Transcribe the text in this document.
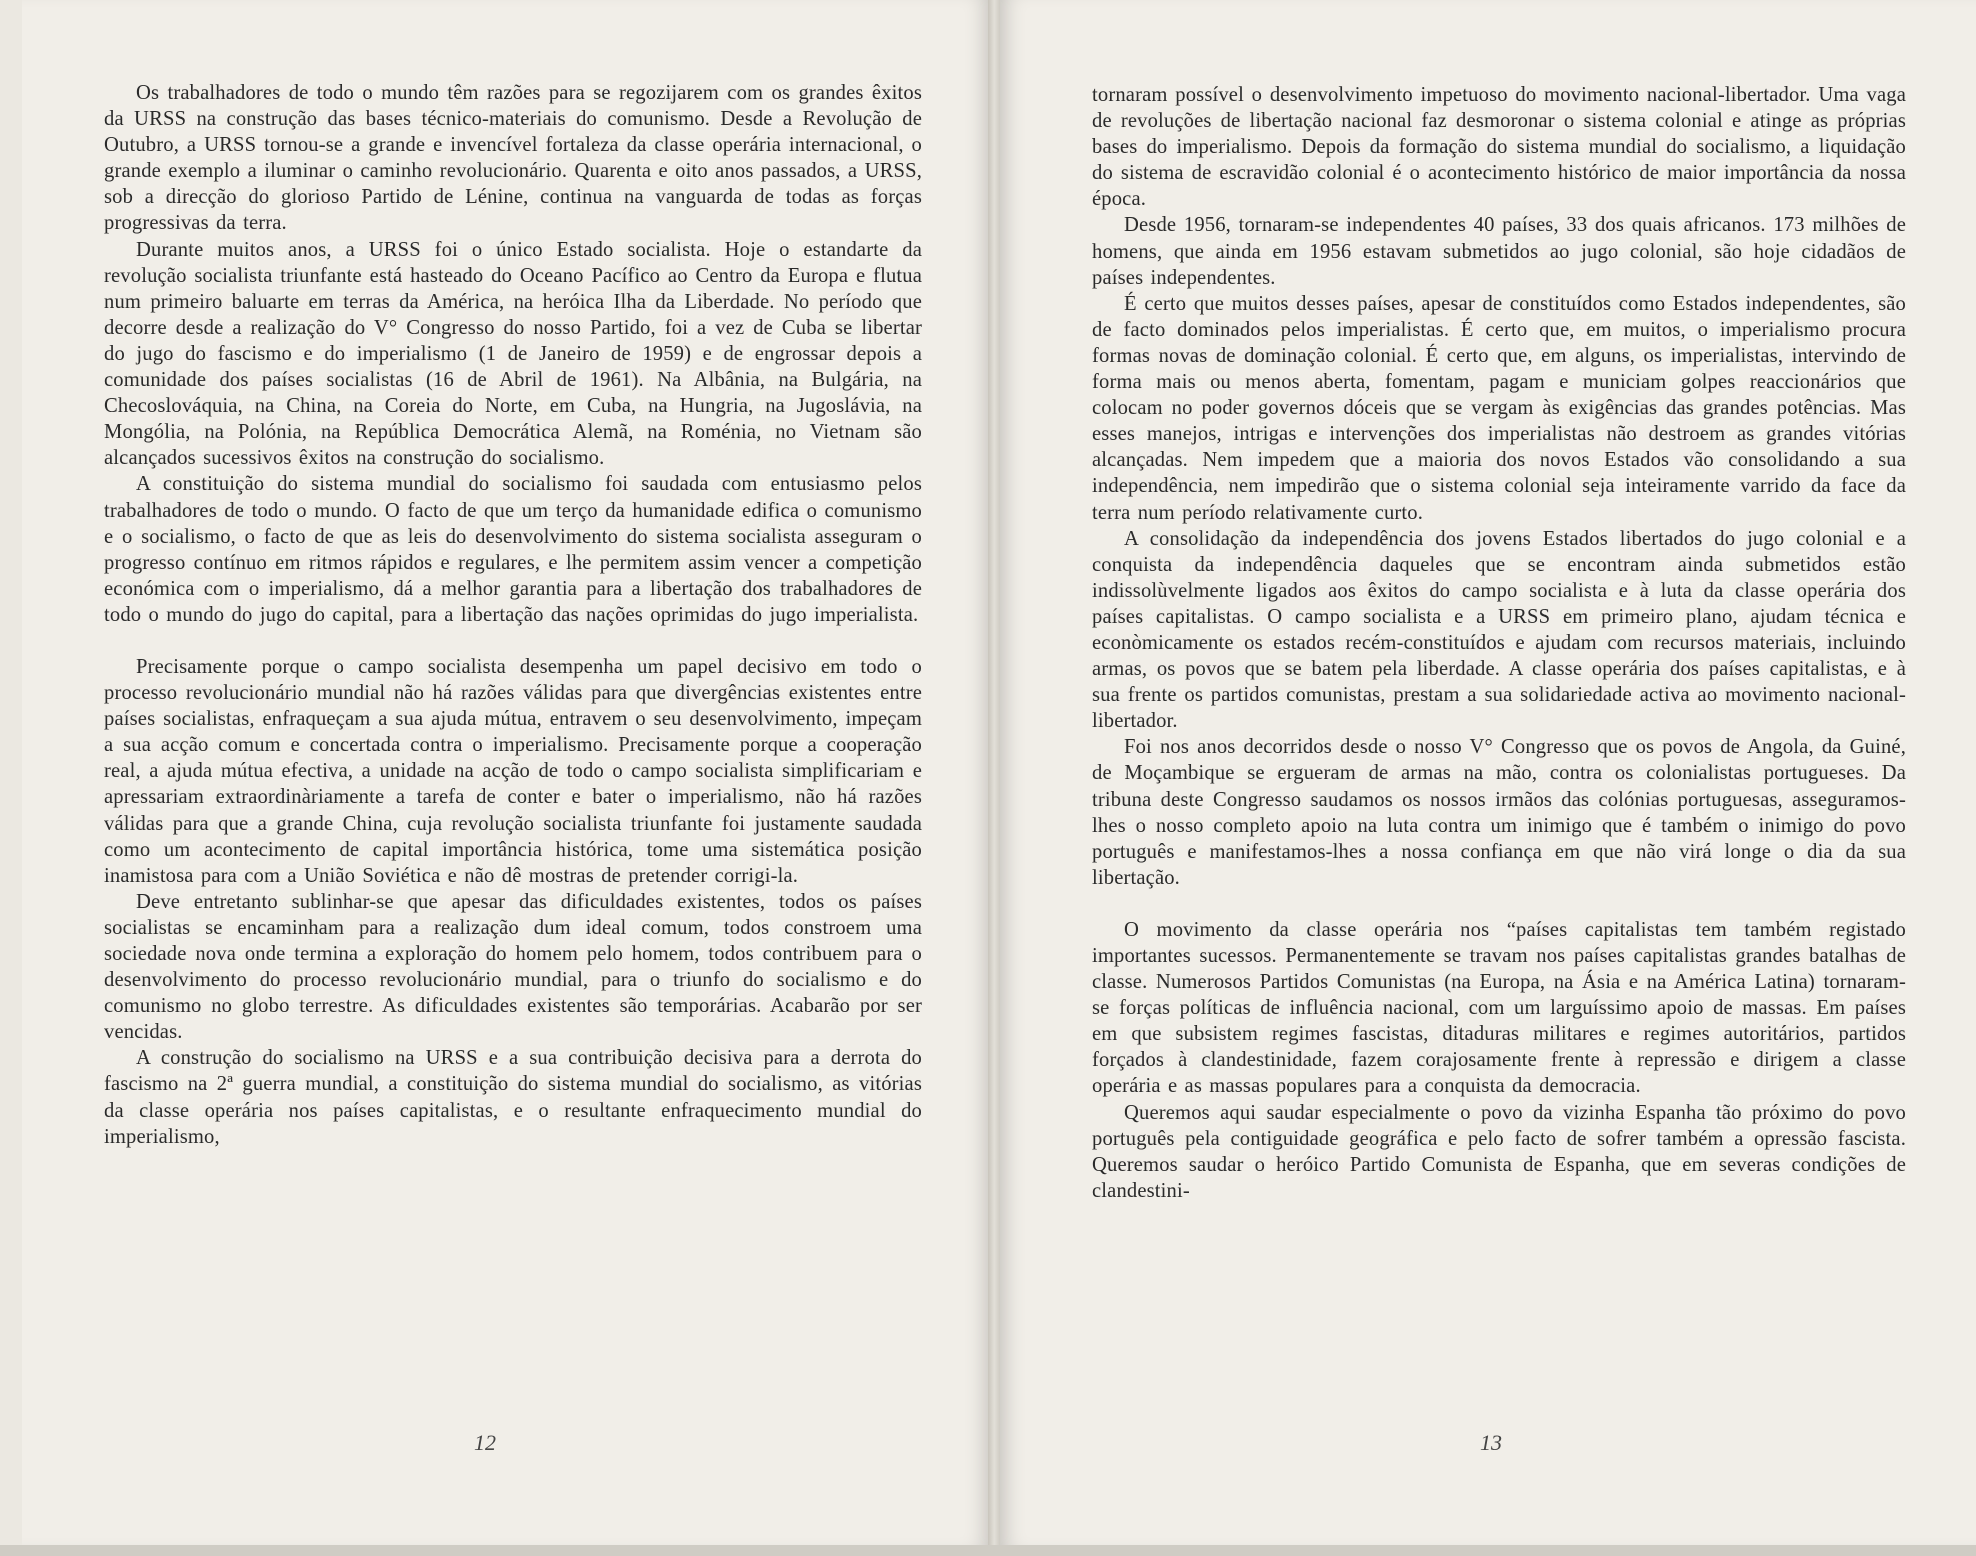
Os trabalhadores de todo o mundo têm razões para se regozijarem com os grandes êxitos da URSS na construção das bases técnico-materiais do comunismo. Desde a Revolução de Outubro, a URSS tornou-se a grande e invencível fortaleza da classe operária internacional, o grande exemplo a iluminar o caminho revolucionário. Quarenta e oito anos passados, a URSS, sob a direcção do glorioso Partido de Lénine, continua na vanguarda de todas as forças progressivas da terra.

Durante muitos anos, a URSS foi o único Estado socialista. Hoje o estandarte da revolução socialista triunfante está hasteado do Oceano Pacífico ao Centro da Europa e flutua num primeiro baluarte em terras da América, na heróica Ilha da Liberdade. No período que decorre desde a realização do V° Congresso do nosso Partido, foi a vez de Cuba se libertar do jugo do fascismo e do imperialismo (1 de Janeiro de 1959) e de engrossar depois a comunidade dos países socialistas (16 de Abril de 1961). Na Albânia, na Bulgária, na Checoslováquia, na China, na Coreia do Norte, em Cuba, na Hungria, na Jugoslávia, na Mongólia, na Polónia, na República Democrática Alemã, na Roménia, no Vietnam são alcançados sucessivos êxitos na construção do socialismo.

A constituição do sistema mundial do socialismo foi saudada com entusiasmo pelos trabalhadores de todo o mundo. O facto de que um terço da humanidade edifica o comunismo e o socialismo, o facto de que as leis do desenvolvimento do sistema socialista asseguram o progresso contínuo em ritmos rápidos e regulares, e lhe permitem assim vencer a competição económica com o imperialismo, dá a melhor garantia para a libertação dos trabalhadores de todo o mundo do jugo do capital, para a libertação das nações oprimidas do jugo imperialista.

Precisamente porque o campo socialista desempenha um papel decisivo em todo o processo revolucionário mundial não há razões válidas para que divergências existentes entre países socialistas, enfraqueçam a sua ajuda mútua, entravem o seu desenvolvimento, impeçam a sua acção comum e concertada contra o imperialismo. Precisamente porque a cooperação real, a ajuda mútua efectiva, a unidade na acção de todo o campo socialista simplificariam e apressariam extraordinàriamente a tarefa de conter e bater o imperialismo, não há razões válidas para que a grande China, cuja revolução socialista triunfante foi justamente saudada como um acontecimento de capital importância histórica, tome uma sistemática posição inamistosa para com a União Soviética e não dê mostras de pretender corrigi-la.

Deve entretanto sublinhar-se que apesar das dificuldades existentes, todos os países socialistas se encaminham para a realização dum ideal comum, todos constroem uma sociedade nova onde termina a exploração do homem pelo homem, todos contribuem para o desenvolvimento do processo revolucionário mundial, para o triunfo do socialismo e do comunismo no globo terrestre. As dificuldades existentes são temporárias. Acabarão por ser vencidas.

A construção do socialismo na URSS e a sua contribuição decisiva para a derrota do fascismo na 2ª guerra mundial, a constituição do sistema mundial do socialismo, as vitórias da classe operária nos países capitalistas, e o resultante enfraquecimento mundial do imperialismo,

12

tornaram possível o desenvolvimento impetuoso do movimento nacional-libertador. Uma vaga de revoluções de libertação nacional faz desmoronar o sistema colonial e atinge as próprias bases do imperialismo. Depois da formação do sistema mundial do socialismo, a liquidação do sistema de escravidão colonial é o acontecimento histórico de maior importância da nossa época.

Desde 1956, tornaram-se independentes 40 países, 33 dos quais africanos. 173 milhões de homens, que ainda em 1956 estavam submetidos ao jugo colonial, são hoje cidadãos de países independentes.

É certo que muitos desses países, apesar de constituídos como Estados independentes, são de facto dominados pelos imperialistas. É certo que, em muitos, o imperialismo procura formas novas de dominação colonial. É certo que, em alguns, os imperialistas, intervindo de forma mais ou menos aberta, fomentam, pagam e municiam golpes reaccionários que colocam no poder governos dóceis que se vergam às exigências das grandes potências. Mas esses manejos, intrigas e intervenções dos imperialistas não destroem as grandes vitórias alcançadas. Nem impedem que a maioria dos novos Estados vão consolidando a sua independência, nem impedirão que o sistema colonial seja inteiramente varrido da face da terra num período relativamente curto.

A consolidação da independência dos jovens Estados libertados do jugo colonial e a conquista da independência daqueles que se encontram ainda submetidos estão indissolùvelmente ligados aos êxitos do campo socialista e à luta da classe operária dos países capitalistas. O campo socialista e a URSS em primeiro plano, ajudam técnica e econòmicamente os estados recém-constituídos e ajudam com recursos materiais, incluindo armas, os povos que se batem pela liberdade. A classe operária dos países capitalistas, e à sua frente os partidos comunistas, prestam a sua solidariedade activa ao movimento nacional-libertador.

Foi nos anos decorridos desde o nosso V° Congresso que os povos de Angola, da Guiné, de Moçambique se ergueram de armas na mão, contra os colonialistas portugueses. Da tribuna deste Congresso saudamos os nossos irmãos das colónias portuguesas, asseguramos-lhes o nosso completo apoio na luta contra um inimigo que é também o inimigo do povo português e manifestamos-lhes a nossa confiança em que não virá longe o dia da sua libertação.

O movimento da classe operária nos “países capitalistas tem também registado importantes sucessos. Permanentemente se travam nos países capitalistas grandes batalhas de classe. Numerosos Partidos Comunistas (na Europa, na Ásia e na América Latina) tornaram-se forças políticas de influência nacional, com um larguíssimo apoio de massas. Em países em que subsistem regimes fascistas, ditaduras militares e regimes autoritários, partidos forçados à clandestinidade, fazem corajosamente frente à repressão e dirigem a classe operária e as massas populares para a conquista da democracia.

Queremos aqui saudar especialmente o povo da vizinha Espanha tão próximo do povo português pela contiguidade geográfica e pelo facto de sofrer também a opressão fascista. Queremos saudar o heróico Partido Comunista de Espanha, que em severas condições de clandestini-

13
